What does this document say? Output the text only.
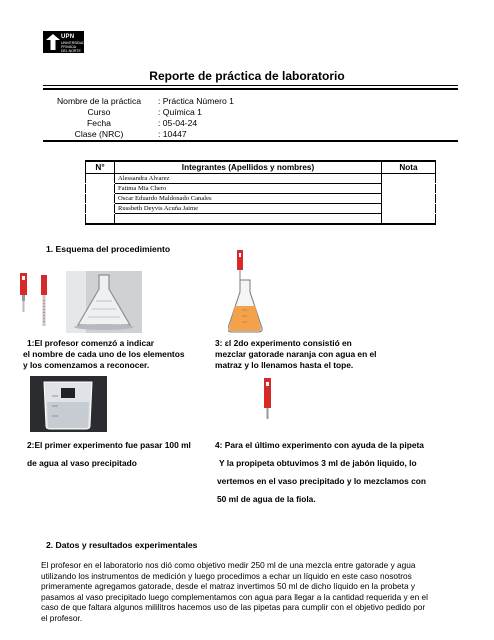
UPN
UNIVERSIDAD PRIVADA DEL NORTE
Reporte de práctica de laboratorio
Nombre de la práctica	: Práctica Número 1
Curso	: Química 1
Fecha	: 05-04-24
Clase (NRC)	: 10447
N°	Integrantes (Apellidos y nombres)	Nota
	Alessandra Alvarez	
	Fatima Mia Chero	
	Oscar Eduardo Maldonado Canales	
	Russbeth Deyvis Acuña Jaime	

1. Esquema del procedimiento
1:El profesor comenzó a indicar
el nombre de cada uno de los elementos
y los comenzamos a reconocer.
3: ɛl 2do experimento consistió en
mezclar gatorade naranja con agua en el
matraz y lo llenamos hasta el tope.
2:El primer experimento fue pasar 100 ml
de agua al vaso precipitado
4: Para el último experimento con ayuda de la pipeta
Y la propipeta obtuvimos 3 ml de jabón liquido, lo
vertemos en el vaso precipitado y lo mezclamos con
50 ml de agua de la fiola.
2. Datos y resultados experimentales
El profesor en el laboratorio nos dió como objetivo medir 250 ml de una mezcla entre gatorade y agua
utilizando los instrumentos de medición y luego procedimos a echar un líquido en este caso nosotros
primeramente agregamos gatorade, desde el matraz invertimos 50 ml de dicho líquido en la probeta y
pasamos al vaso precipitado luego complementamos con agua para llegar a la cantidad requerida y en el
caso de que faltara algunos mililitros hacemos uso de las pipetas para cumplir con el objetivo pedido por
el profesor.
